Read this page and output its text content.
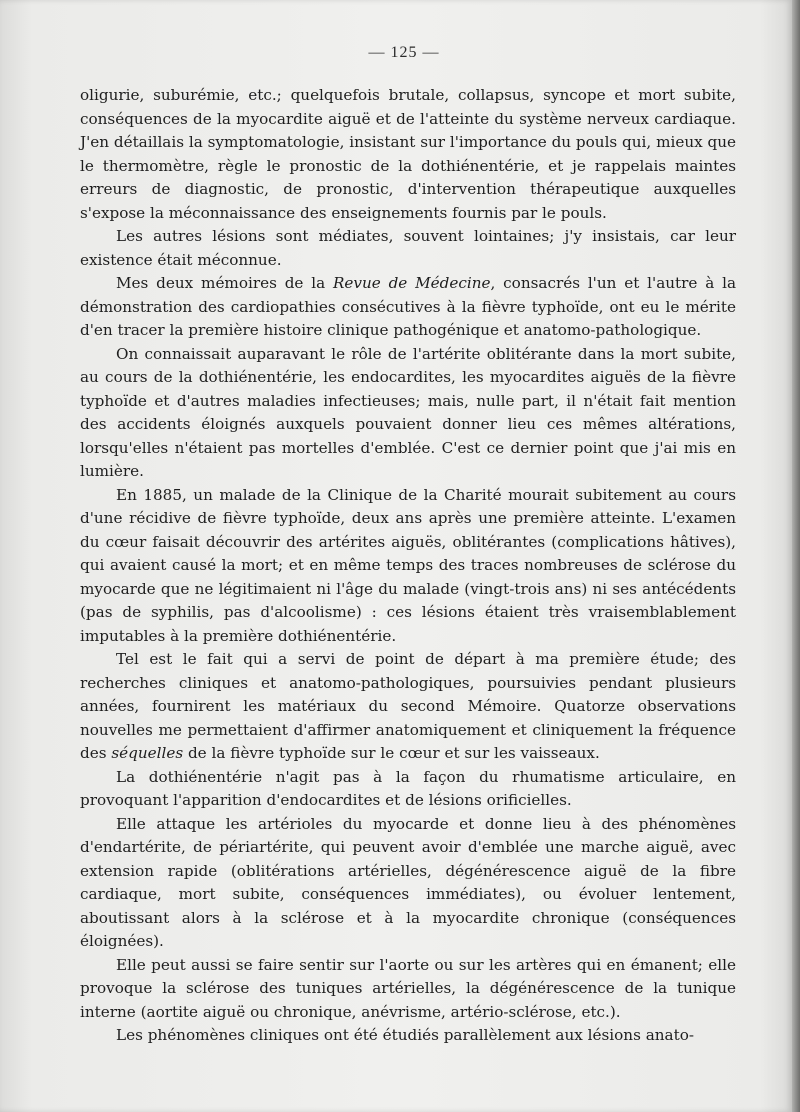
— 125 —

oligurie, suburémie, etc.; quelquefois brutale, collapsus, syncope et mort subite, conséquences de la myocardite aiguë et de l'atteinte du système nerveux cardiaque. J'en détaillais la symptomatologie, insistant sur l'importance du pouls qui, mieux que le thermomètre, règle le pronostic de la dothiénentérie, et je rappelais maintes erreurs de diagnostic, de pronostic, d'intervention thérapeutique auxquelles s'expose la méconnaissance des enseignements fournis par le pouls.

Les autres lésions sont médiates, souvent lointaines; j'y insistais, car leur existence était méconnue.

Mes deux mémoires de la Revue de Médecine, consacrés l'un et l'autre à la démonstration des cardiopathies consécutives à la fièvre typhoïde, ont eu le mérite d'en tracer la première histoire clinique pathogénique et anatomo-pathologique.

On connaissait auparavant le rôle de l'artérite oblitérante dans la mort subite, au cours de la dothiénentérie, les endocardites, les myocardites aiguës de la fièvre typhoïde et d'autres maladies infectieuses; mais, nulle part, il n'était fait mention des accidents éloignés auxquels pouvaient donner lieu ces mêmes altérations, lorsqu'elles n'étaient pas mortelles d'emblée. C'est ce dernier point que j'ai mis en lumière.

En 1885, un malade de la Clinique de la Charité mourait subitement au cours d'une récidive de fièvre typhoïde, deux ans après une première atteinte. L'examen du cœur faisait découvrir des artérites aiguës, oblitérantes (complications hâtives), qui avaient causé la mort; et en même temps des traces nombreuses de sclérose du myocarde que ne légitimaient ni l'âge du malade (vingt-trois ans) ni ses antécédents (pas de syphilis, pas d'alcoolisme) : ces lésions étaient très vraisemblablement imputables à la première dothiénentérie.

Tel est le fait qui a servi de point de départ à ma première étude; des recherches cliniques et anatomo-pathologiques, poursuivies pendant plusieurs années, fournirent les matériaux du second Mémoire. Quatorze observations nouvelles me permettaient d'affirmer anatomiquement et cliniquement la fréquence des séquelles de la fièvre typhoïde sur le cœur et sur les vaisseaux.

La dothiénentérie n'agit pas à la façon du rhumatisme articulaire, en provoquant l'apparition d'endocardites et de lésions orificielles.

Elle attaque les artérioles du myocarde et donne lieu à des phénomènes d'endartérite, de périartérite, qui peuvent avoir d'emblée une marche aiguë, avec extension rapide (oblitérations artérielles, dégénérescence aiguë de la fibre cardiaque, mort subite, conséquences immédiates), ou évoluer lentement, aboutissant alors à la sclérose et à la myocardite chronique (conséquences éloignées).

Elle peut aussi se faire sentir sur l'aorte ou sur les artères qui en émanent; elle provoque la sclérose des tuniques artérielles, la dégénérescence de la tunique interne (aortite aiguë ou chronique, anévrisme, artério-sclérose, etc.).

Les phénomènes cliniques ont été étudiés parallèlement aux lésions anato-
